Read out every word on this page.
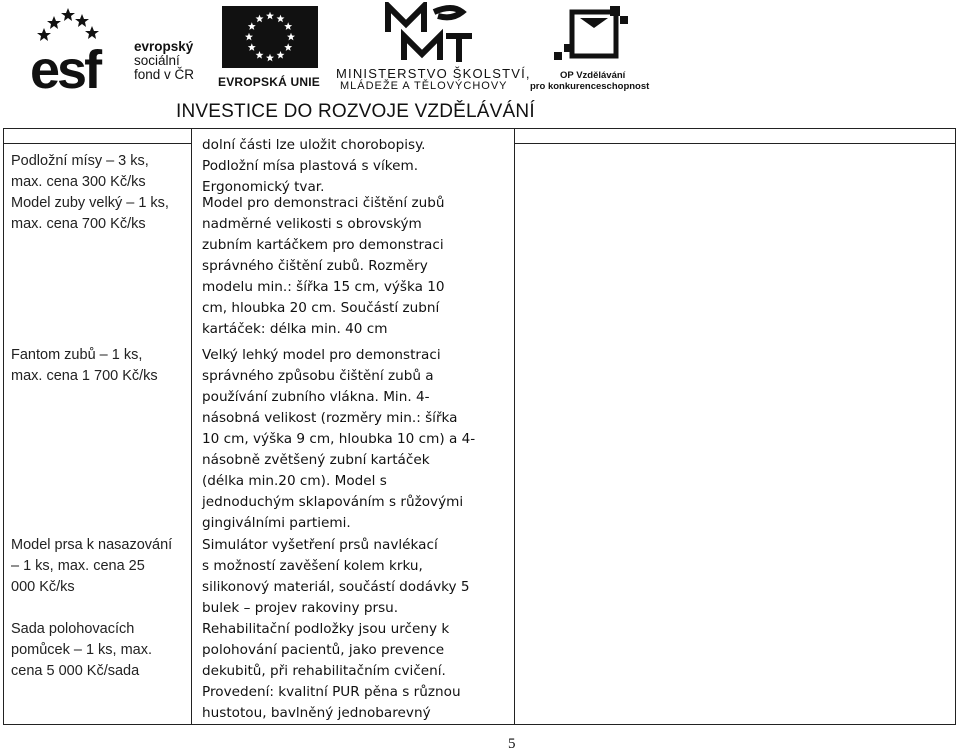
esf	evropský
sociální
fond v ČR EVROPSKÁ UNIE
MINISTERSTVO ŠKOLSTVÍ,
MLÁDEŽE A TĚLOVÝCHOVY
OP Vzdělávání
pro konkurenceschopnost
INVESTICE DO ROZVOJE VZDĚLÁVÁNÍ
Podložní mísy – 3 ks,
max. cena 300 Kč/ks
dolní části lze uložit chorobopisy.
Podložní mísa plastová s víkem.
Ergonomický tvar.
Model zuby velký – 1 ks,
max. cena 700 Kč/ks
Model pro demonstraci čištění zubů
nadměrné velikosti s obrovským
zubním kartáčkem pro demonstraci
správného čištění zubů. Rozměry
modelu min.: šířka 15 cm, výška 10
cm, hloubka 20 cm. Součástí zubní
kartáček: délka min. 40 cm
Fantom zubů – 1 ks,
max. cena 1 700 Kč/ks
Velký lehký model pro demonstraci
správného způsobu čištění zubů a
používání zubního vlákna. Min. 4-
násobná velikost (rozměry min.: šířka
10 cm, výška 9 cm, hloubka 10 cm) a 4-
násobně zvětšený zubní kartáček
(délka min.20 cm). Model s
jednoduchým sklapováním s růžovými
gingiválními partiemi.
Model prsa k nasazování
– 1 ks, max. cena 25
000 Kč/ks
Simulátor vyšetření prsů navlékací
s možností zavěšení kolem krku,
silikonový materiál, součástí dodávky 5
bulek – projev rakoviny prsu.
Sada polohovacích
pomůcek – 1 ks, max.
cena 5 000 Kč/sada
Rehabilitační podložky jsou určeny k
polohování pacientů, jako prevence
dekubitů, při rehabilitačním cvičení.
Provedení: kvalitní PUR pěna s různou
hustotou, bavlněný jednobarevný
5
